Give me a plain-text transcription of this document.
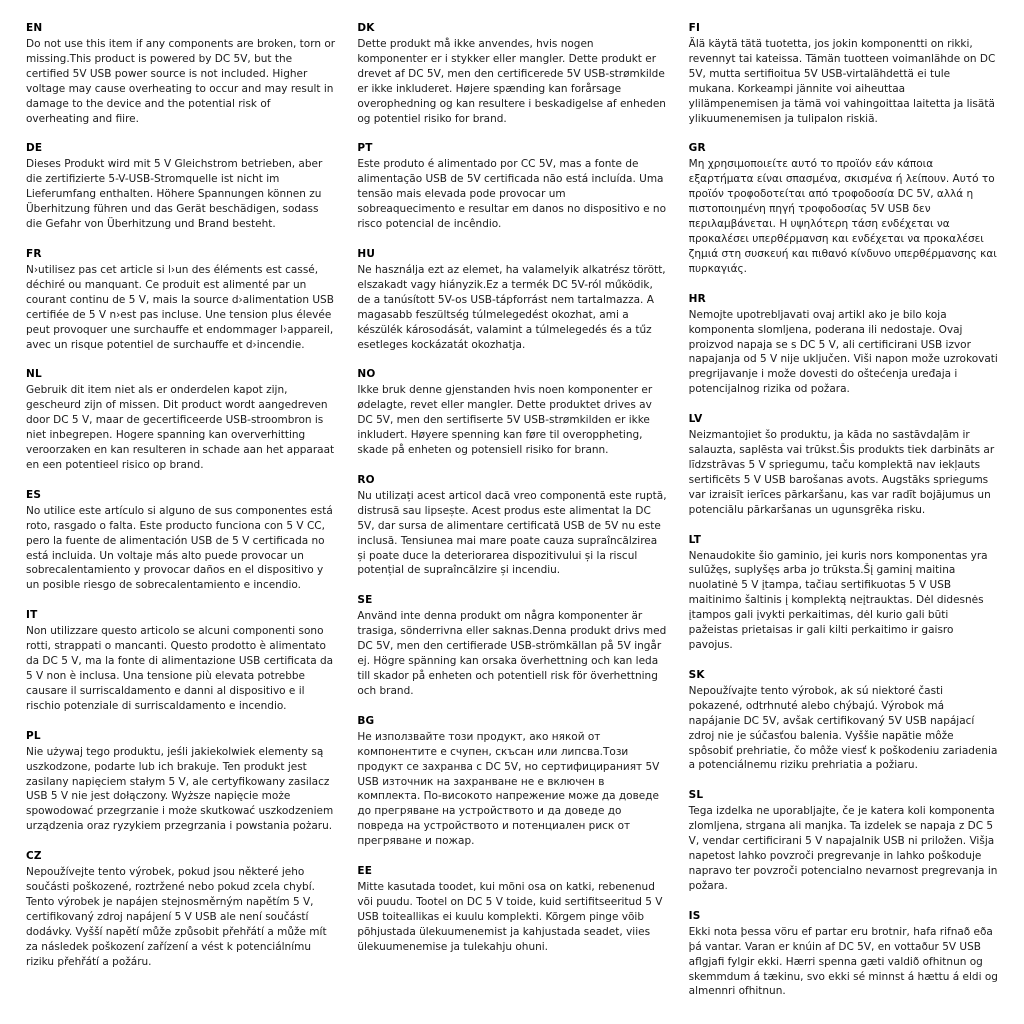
EN
Do not use this item if any components are broken, torn or missing.This product is powered by DC 5V, but the certified 5V USB power source is not included. Higher voltage may cause overheating to occur and may result in damage to the device and the potential risk of overheating and fiire.
DE
Dieses Produkt wird mit 5 V Gleichstrom betrieben, aber die zertifizierte 5-V-USB-Stromquelle ist nicht im Lieferumfang enthalten. Höhere Spannungen können zu Überhitzung führen und das Gerät beschädigen, sodass die Gefahr von Überhitzung und Brand besteht.
FR
N›utilisez pas cet article si l›un des éléments est cassé, déchiré ou manquant. Ce produit est alimenté par un courant continu de 5 V, mais la source d›alimentation USB certifiée de 5 V n›est pas incluse. Une tension plus élevée peut provoquer une surchauffe et endommager l›appareil, avec un risque potentiel de surchauffe et d›incendie.
NL
Gebruik dit item niet als er onderdelen kapot zijn, gescheurd zijn of missen. Dit product wordt aangedreven door DC 5 V, maar de gecertificeerde USB-stroombron is niet inbegrepen. Hogere spanning kan oververhitting veroorzaken en kan resulteren in schade aan het apparaat en een potentieel risico op brand.
ES
No utilice este artículo si alguno de sus componentes está roto, rasgado o falta. Este producto funciona con 5 V CC, pero la fuente de alimentación USB de 5 V certificada no está incluida. Un voltaje más alto puede provocar un sobrecalentamiento y provocar daños en el dispositivo y un posible riesgo de sobrecalentamiento e incendio.
IT
Non utilizzare questo articolo se alcuni componenti sono rotti, strappati o mancanti. Questo prodotto è alimentato da DC 5 V, ma la fonte di alimentazione USB certificata da 5 V non è inclusa. Una tensione più elevata potrebbe causare il surriscaldamento e danni al dispositivo e il rischio potenziale di surriscaldamento e incendio.
PL
Nie używaj tego produktu, jeśli jakiekolwiek elementy są uszkodzone, podarte lub ich brakuje. Ten produkt jest zasilany napięciem stałym 5 V, ale certyfikowany zasilacz USB 5 V nie jest dołączony. Wyższe napięcie może spowodować przegrzanie i może skutkować uszkodzeniem urządzenia oraz ryzykiem przegrzania i powstania pożaru.
CZ
Nepoužívejte tento výrobek, pokud jsou některé jeho součásti poškozené, roztržené nebo pokud zcela chybí. Tento výrobek je napájen stejnosměrným napětím 5 V, certifikovaný zdroj napájení 5 V USB ale není součástí dodávky. Vyšší napětí může způsobit přehřátí a může mít za následek poškození zařízení a vést k potenciálnímu riziku přehřátí a požáru.
DK
Dette produkt må ikke anvendes, hvis nogen komponenter er i stykker eller mangler. Dette produkt er drevet af DC 5V, men den certificerede 5V USB-strømkilde er ikke inkluderet. Højere spænding kan forårsage overophedning og kan resultere i beskadigelse af enheden og potentiel risiko for brand.
PT
Este produto é alimentado por CC 5V, mas a fonte de alimentação USB de 5V certificada não está incluída. Uma tensão mais elevada pode provocar um sobreaquecimento e resultar em danos no dispositivo e no risco potencial de incêndio.
HU
Ne használja ezt az elemet, ha valamelyik alkatrész törött, elszakadt vagy hiányzik.Ez a termék DC 5V-ról működik, de a tanúsított 5V-os USB-tápforrást nem tartalmazza. A magasabb feszültség túlmelegedést okozhat, ami a készülék károsodását, valamint a túlmelegedés és a tűz esetleges kockázatát okozhatja.
NO
Ikke bruk denne gjenstanden hvis noen komponenter er ødelagte, revet eller mangler. Dette produktet drives av DC 5V, men den sertifiserte 5V USB-strømkilden er ikke inkludert. Høyere spenning kan føre til overoppheting, skade på enheten og potensiell risiko for brann.
RO
Nu utilizați acest articol dacă vreo componentă este ruptă, distrusă sau lipsește. Acest produs este alimentat la DC 5V, dar sursa de alimentare certificată USB de 5V nu este inclusă. Tensiunea mai mare poate cauza supraîncălzirea și poate duce la deteriorarea dispozitivului și la riscul potențial de supraîncălzire și incendiu.
SE
Använd inte denna produkt om några komponenter är trasiga, sönderrivna eller saknas.Denna produkt drivs med DC 5V, men den certifierade USB-strömkällan på 5V ingår ej. Högre spänning kan orsaka överhettning och kan leda till skador på enheten och potentiell risk för överhettning och brand.
BG
Не използвайте този продукт, ако някой от компонентите е счупен, скъсан или липсва.Този продукт се захранва с DC 5V, но сертифицираният 5V USB източник на захранване не е включен в комплекта. По-високото напрежение може да доведе до прегряване на устройството и да доведе до повреда на устройството и потенциален риск от прегряване и пожар.
EE
Mitte kasutada toodet, kui mõni osa on katki, rebenenud või puudu. Tootel on DC 5 V toide, kuid sertifitseeritud 5 V USB toiteallikas ei kuulu komplekti. Kõrgem pinge võib põhjustada ülekuumenemist ja kahjustada seadet, viies ülekuumenemise ja tulekahju ohuni.
FI
Älä käytä tätä tuotetta, jos jokin komponentti on rikki, revennyt tai kateissa. Tämän tuotteen voimanlähde on DC 5V, mutta sertifioitua 5V USB-virtalähdettä ei tule mukana. Korkeampi jännite voi aiheuttaa ylilämpenemisen ja tämä voi vahingoittaa laitetta ja lisätä ylikuumenemisen ja tulipalon riskiä.
GR
Μη χρησιμοποιείτε αυτό το προϊόν εάν κάποια εξαρτήματα είναι σπασμένα, σκισμένα ή λείπουν. Αυτό το προϊόν τροφοδοτείται από τροφοδοσία DC 5V, αλλά η πιστοποιημένη πηγή τροφοδοσίας 5V USB δεν περιλαμβάνεται. Η υψηλότερη τάση ενδέχεται να προκαλέσει υπερθέρμανση και ενδέχεται να προκαλέσει ζημιά στη συσκευή και πιθανό κίνδυνο υπερθέρμανσης και πυρκαγιάς.
HR
Nemojte upotrebljavati ovaj artikl ako je bilo koja komponenta slomljena, poderana ili nedostaje. Ovaj proizvod napaja se s DC 5 V, ali certificirani USB izvor napajanja od 5 V nije uključen. Viši napon može uzrokovati pregrijavanje i može dovesti do oštećenja uređaja i potencijalnog rizika od požara.
LV
Neizmantojiet šo produktu, ja kāda no sastāvdaļām ir salauzta, saplēsta vai trūkst.Šis produkts tiek darbināts ar līdzstrāvas 5 V spriegumu, taču komplektā nav iekļauts sertificēts 5 V USB barošanas avots. Augstāks spriegums var izraisīt ierīces pārkaršanu, kas var radīt bojājumus un potenciālu pārkaršanas un ugunsgrēka risku.
LT
Nenaudokite šio gaminio, jei kuris nors komponentas yra sulūžęs, suplyšęs arba jo trūksta.Šį gaminį maitina nuolatinė 5 V įtampa, tačiau sertifikuotas 5 V USB maitinimo šaltinis į komplektą neįtrauktas. Dėl didesnės įtampos gali įvykti perkaitimas, dėl kurio gali būti pažeistas prietaisas ir gali kilti perkaitimo ir gaisro pavojus.
SK
Nepoužívajte tento výrobok, ak sú niektoré časti pokazené, odtrhnuté alebo chýbajú. Výrobok má napájanie DC 5V, avšak certifikovaný 5V USB napájací zdroj nie je súčasťou balenia. Vyššie napätie môže spôsobiť prehriatie, čo môže viesť k poškodeniu zariadenia a potenciálnemu riziku prehriatia a požiaru.
SL
Tega izdelka ne uporabljajte, če je katera koli komponenta zlomljena, strgana ali manjka. Ta izdelek se napaja z DC 5 V, vendar certificirani 5 V napajalnik USB ni priložen. Višja napetost lahko povzroči pregrevanje in lahko poškoduje napravo ter povzroči potencialno nevarnost pregrevanja in požara.
IS
Ekki nota þessa vöru ef partar eru brotnir, hafa rifnað eða þá vantar. Varan er knúin af DC 5V, en vottaður 5V USB aflgjafi fylgir ekki. Hærri spenna gæti valdið ofhitnun og skemmdum á tækinu, svo ekki sé minnst á hættu á eldi og almennri ofhitnun.
